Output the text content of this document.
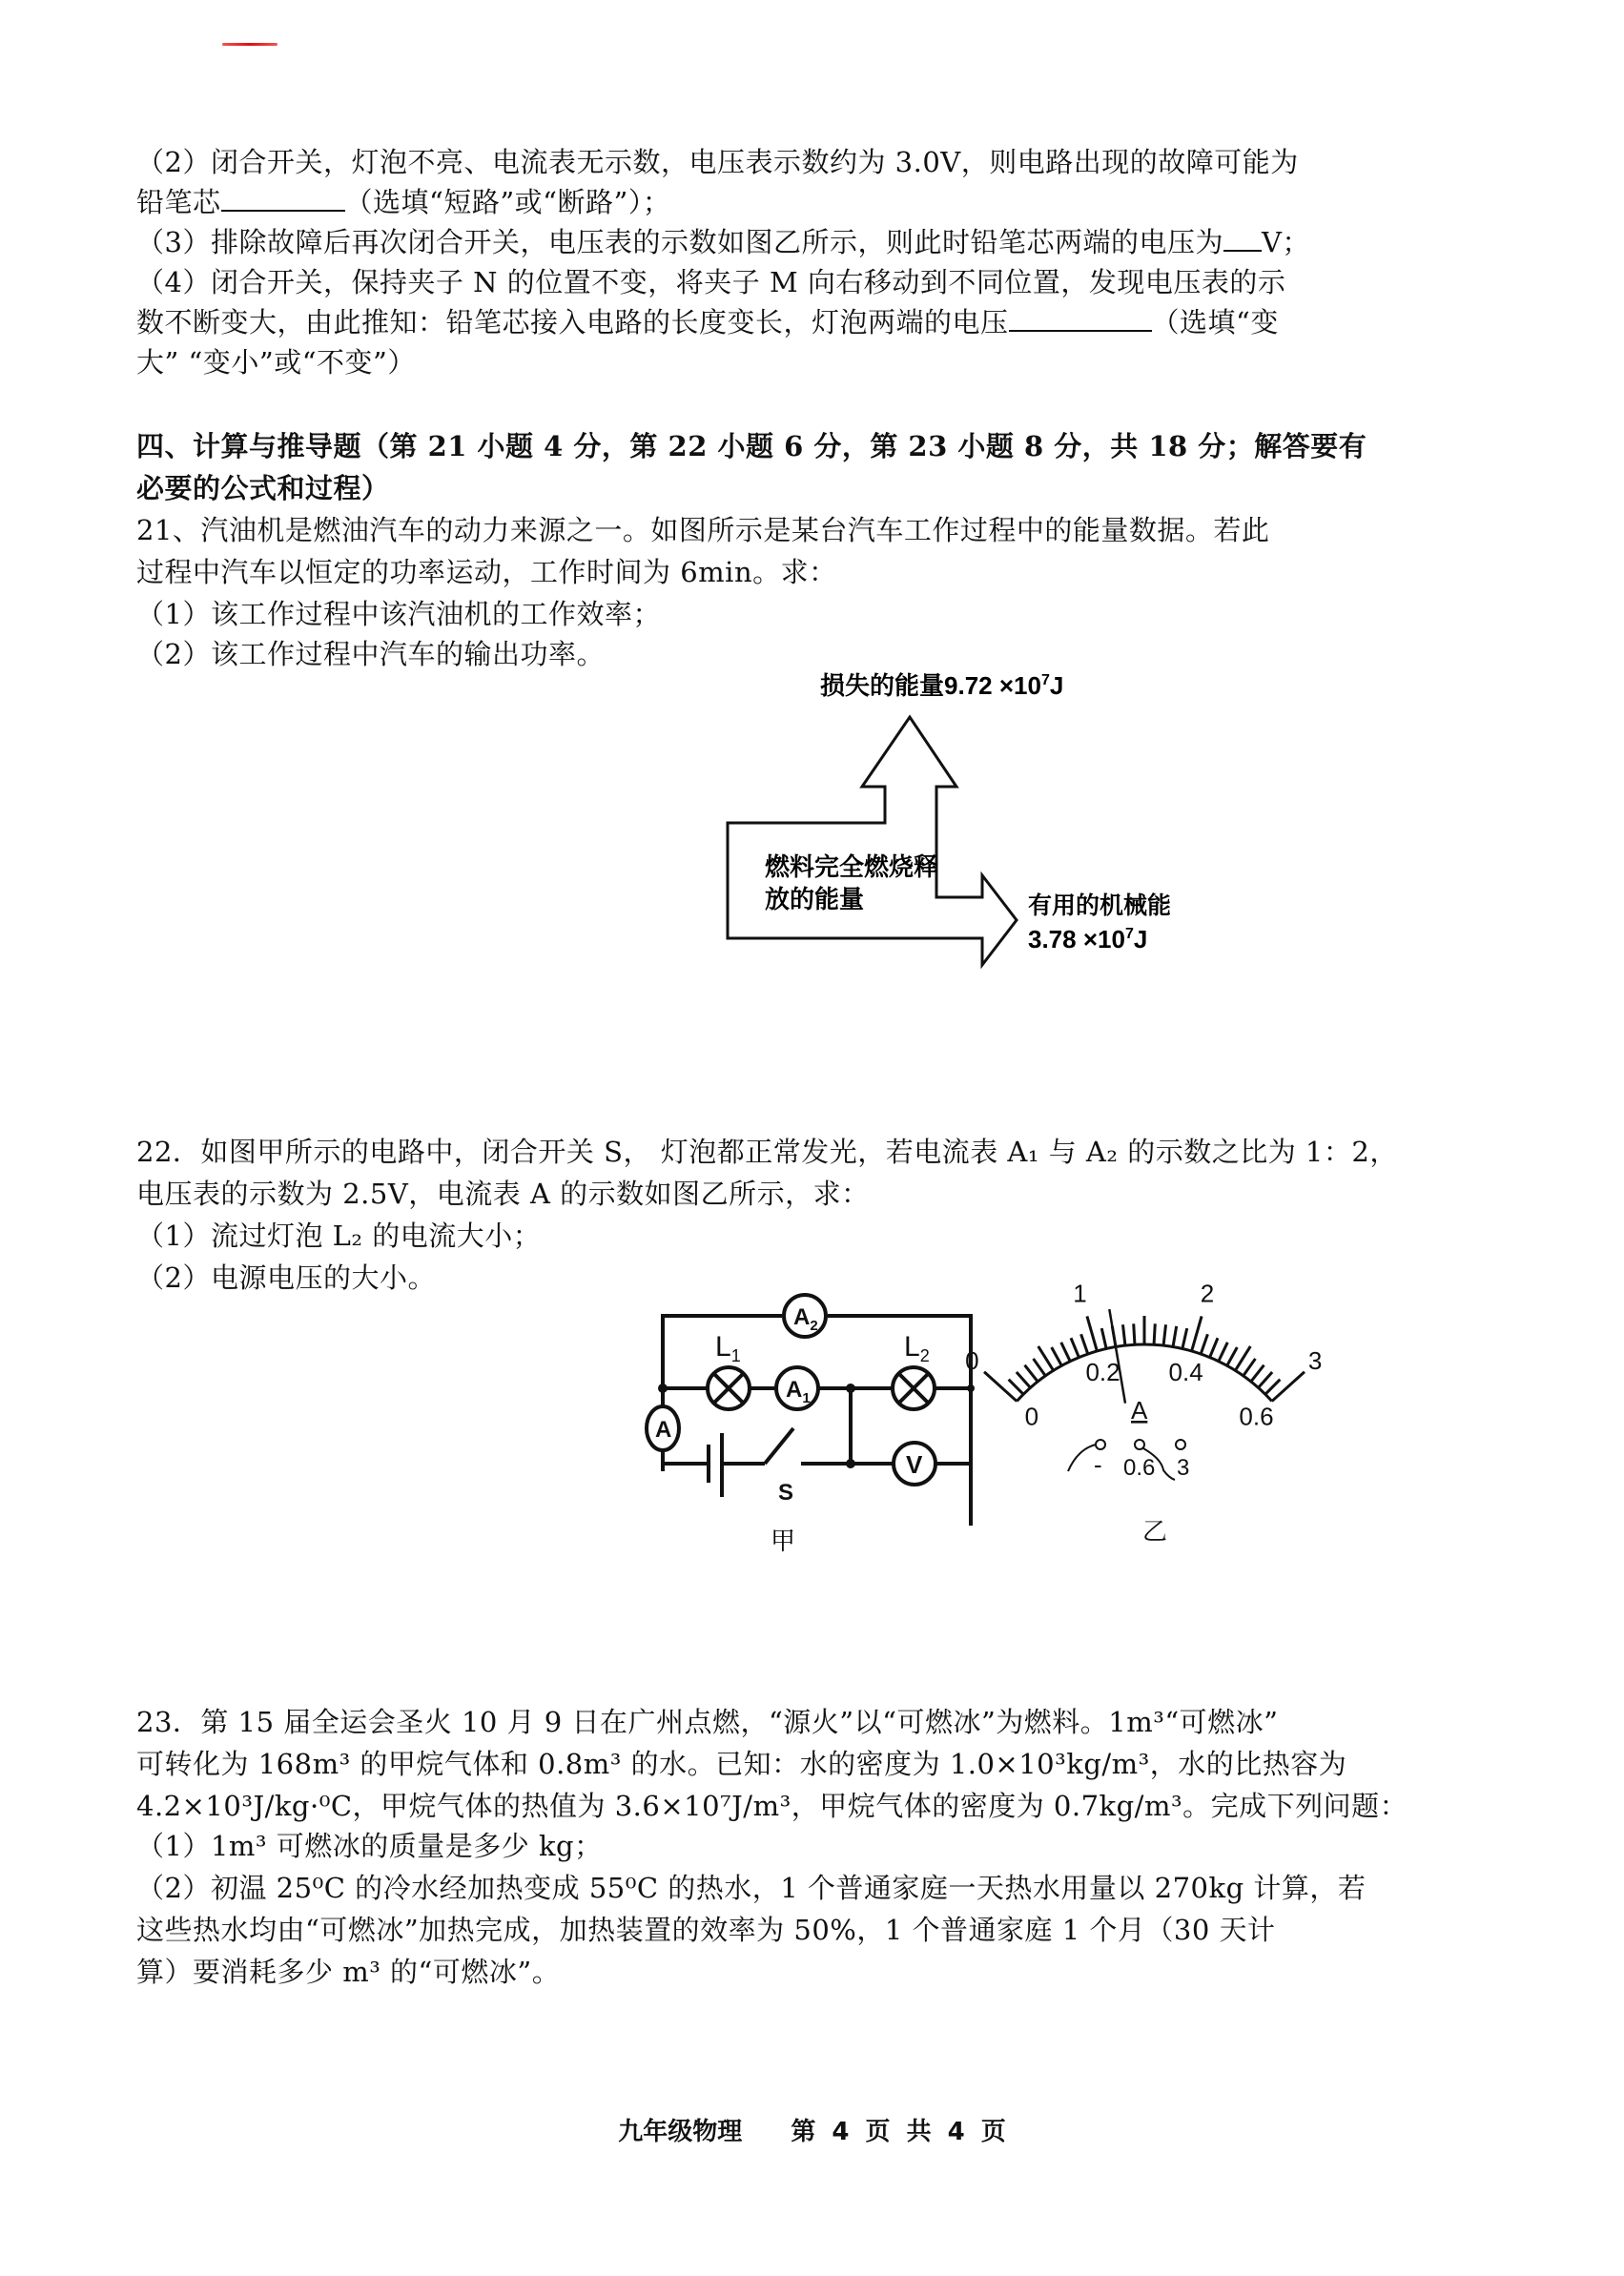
（2）闭合开关，灯泡不亮、电流表无示数，电压表示数约为 3.0V，则电路出现的故障可能为
铅笔芯	（选填“短路”或“断路”）；
（3）排除故障后再次闭合开关，电压表的示数如图乙所示，则此时铅笔芯两端的电压为 V；
（4）闭合开关，保持夹子 N 的位置不变，将夹子 M 向右移动到不同位置，发现电压表的示
数不断变大，由此推知：铅笔芯接入电路的长度变长，灯泡两端的电压	（选填“变
大” “变小”或“不变”）
四、计算与推导题（第 21 小题 4 分，第 22 小题 6 分，第 23 小题 8 分，共 18 分；解答要有
必要的公式和过程）
21、汽油机是燃油汽车的动力来源之一。如图所示是某台汽车工作过程中的能量数据。若此
过程中汽车以恒定的功率运动，工作时间为 6min。求：
（1）该工作过程中该汽油机的工作效率；
（2）该工作过程中汽车的输出功率。
损失的能量$9.72 \times 10^7J$
燃料完全燃烧释
放的能量	有用的机械能
$3.78 \times 10^7J$
22．如图甲所示的电路中，闭合开关 S， 灯泡都正常发光，若电流表 A₁ 与 A₂ 的示数之比为 1：2，
电压表的示数为 2.5V，电流表 A 的示数如图乙所示，求：
（1）流过灯泡 L₂ 的电流大小；
（2）电源电压的大小。
$A_2$
$A_1$
A
$L_1$	$L_2$
V
S
甲
0
1	2
3
0
0.2 0.4
0.6
A
- 0.6 3
乙
23．第 15 届全运会圣火 10 月 9 日在广州点燃，“源火”以“可燃冰”为燃料。1m³“可燃冰”
可转化为 168m³ 的甲烷气体和 0.8m³ 的水。已知：水的密度为 1.0×10³kg/m³，水的比热容为
4.2×10³J/kg·⁰C，甲烷气体的热值为 3.6×10⁷J/m³，甲烷气体的密度为 0.7kg/m³。完成下列问题：
（1）1m³ 可燃冰的质量是多少 kg；
（2）初温 25⁰C 的冷水经加热变成 55⁰C 的热水，1 个普通家庭一天热水用量以 270kg 计算，若
这些热水均由“可燃冰”加热完成，加热装置的效率为 50%，1 个普通家庭 1 个月（30 天计
算）要消耗多少 m³ 的“可燃冰”。
九年级物理 第 4 页 共 4 页
